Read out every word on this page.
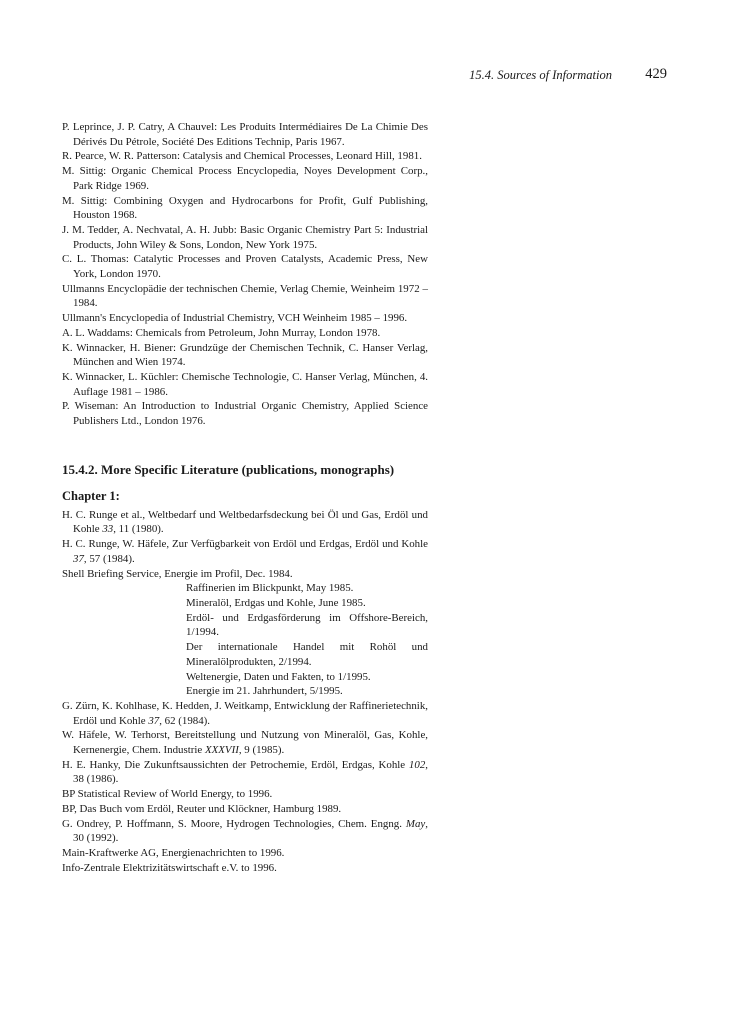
15.4. Sources of Information 429
P. Leprince, J. P. Catry, A Chauvel: Les Produits Intermédiaires De La Chimie Des Dérivés Du Pétrole, Société Des Editions Technip, Paris 1967.
R. Pearce, W. R. Patterson: Catalysis and Chemical Processes, Leonard Hill, 1981.
M. Sittig: Organic Chemical Process Encyclopedia, Noyes Development Corp., Park Ridge 1969.
M. Sittig: Combining Oxygen and Hydrocarbons for Profit, Gulf Publishing, Houston 1968.
J. M. Tedder, A. Nechvatal, A. H. Jubb: Basic Organic Chemistry Part 5: Industrial Products, John Wiley & Sons, London, New York 1975.
C. L. Thomas: Catalytic Processes and Proven Catalysts, Academic Press, New York, London 1970.
Ullmanns Encyclopädie der technischen Chemie, Verlag Chemie, Weinheim 1972 – 1984.
Ullmann's Encyclopedia of Industrial Chemistry, VCH Weinheim 1985 – 1996.
A. L. Waddams: Chemicals from Petroleum, John Murray, London 1978.
K. Winnacker, H. Biener: Grundzüge der Chemischen Technik, C. Hanser Verlag, München and Wien 1974.
K. Winnacker, L. Küchler: Chemische Technologie, C. Hanser Verlag, München, 4. Auflage 1981 – 1986.
P. Wiseman: An Introduction to Industrial Organic Chemistry, Applied Science Publishers Ltd., London 1976.
15.4.2. More Specific Literature (publications, monographs)
Chapter 1:
H. C. Runge et al., Weltbedarf und Weltbedarfsdeckung bei Öl und Gas, Erdöl und Kohle 33, 11 (1980).
H. C. Runge, W. Häfele, Zur Verfügbarkeit von Erdöl und Erdgas, Erdöl und Kohle 37, 57 (1984).
Shell Briefing Service, Energie im Profil, Dec. 1984.
Raffinerien im Blickpunkt, May 1985.
Mineralöl, Erdgas und Kohle, June 1985.
Erdöl- und Erdgasförderung im Offshore-Bereich, 1/1994.
Der internationale Handel mit Rohöl und Mineralölprodukten, 2/1994.
Weltenergie, Daten und Fakten, to 1/1995.
Energie im 21. Jahrhundert, 5/1995.
G. Zürn, K. Kohlhase, K. Hedden, J. Weitkamp, Entwicklung der Raffinerietechnik, Erdöl und Kohle 37, 62 (1984).
W. Häfele, W. Terhorst, Bereitstellung und Nutzung von Mineralöl, Gas, Kohle, Kernenergie, Chem. Industrie XXXVII, 9 (1985).
H. E. Hanky, Die Zukunftsaussichten der Petrochemie, Erdöl, Erdgas, Kohle 102, 38 (1986).
BP Statistical Review of World Energy, to 1996.
BP, Das Buch vom Erdöl, Reuter und Klöckner, Hamburg 1989.
G. Ondrey, P. Hoffmann, S. Moore, Hydrogen Technologies, Chem. Engng. May, 30 (1992).
Main-Kraftwerke AG, Energienachrichten to 1996.
Info-Zentrale Elektrizitätswirtschaft e.V. to 1996.
